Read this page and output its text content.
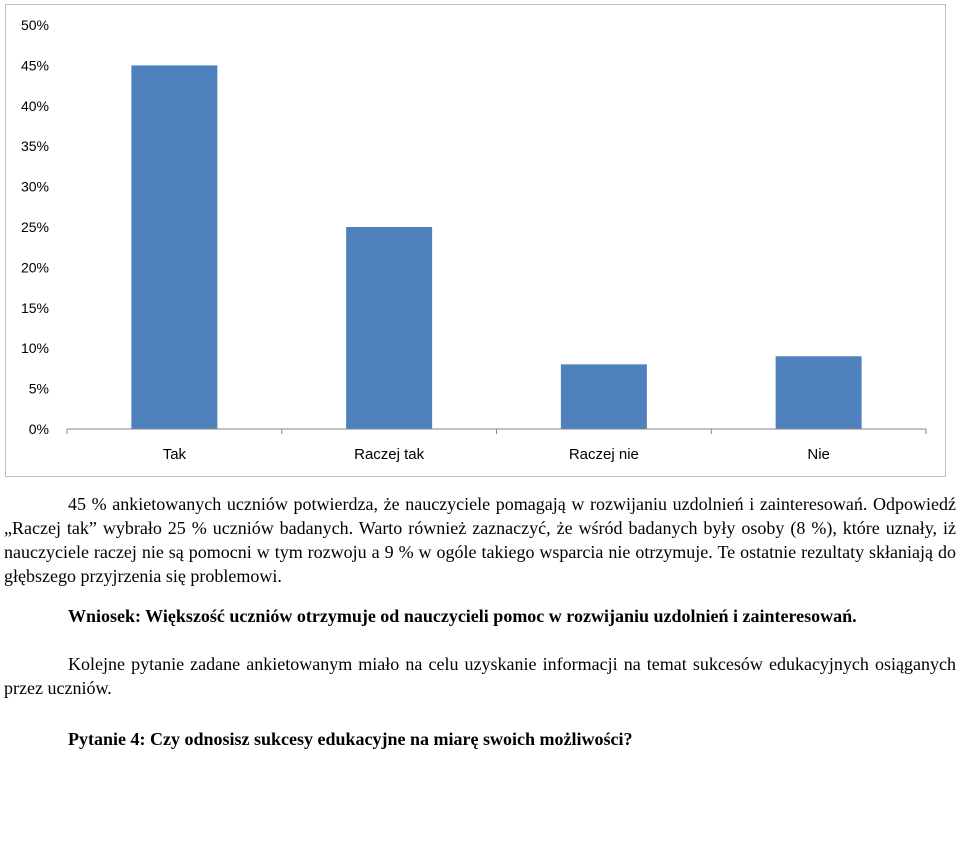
0%
5%
10%
15%
20%
25%
30%
35%
40%
45%
50%
Tak	Raczej tak	Raczej nie	Nie

45 % ankietowanych uczniów potwierdza, że nauczyciele pomagają w rozwijaniu uzdolnień i zainteresowań. Odpowiedź „Raczej tak” wybrało 25 % uczniów badanych. Warto również zaznaczyć, że wśród badanych były osoby (8 %), które uznały, iż nauczyciele raczej nie są pomocni w tym rozwoju a 9 % w ogóle takiego wsparcia nie otrzymuje. Te ostatnie rezultaty skłaniają do głębszego przyjrzenia się problemowi.

Wniosek: Większość uczniów otrzymuje od nauczycieli pomoc w rozwijaniu uzdolnień i zainteresowań.

Kolejne pytanie zadane ankietowanym miało na celu uzyskanie informacji na temat sukcesów edukacyjnych osiąganych przez uczniów.

Pytanie 4: Czy odnosisz sukcesy edukacyjne na miarę swoich możliwości?
